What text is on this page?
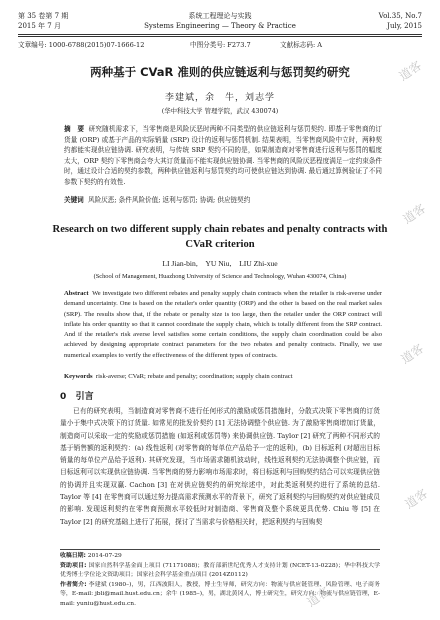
第 35 卷第 7 期	系统工程理论与实践	Vol.35, No.7
2015 年 7 月	Systems Engineering — Theory & Practice	July, 2015
文章编号: 1000-6788(2015)07-1666-12	中图分类号: F273.7	文献标志码: A
两种基于 CVaR 准则的供应链返利与惩罚契约研究
李建斌，余　牛，刘志学
(华中科技大学 管理学院，武汉 430074)
摘　要 研究随机需求下，当零售商是风险厌恶时两种不同类型的供应链返利与惩罚契约. 即基于零售商的订货量 (ORP) 或基于产品的实际销量 (SRP) 设计的返利与惩罚机制. 结果表明，当零售商风险中立时，两种契约都能实现供应链协调. 研究表明，与传统 SRP 契约不同的是，如果制造商对零售商进行返利与惩罚的幅度太大，ORP 契约下零售商会夸大其订货量而不能实现供应链协调. 当零售商的风险厌恶程度满足一定约束条件时，通过设计合适的契约参数，两种供应链返利与惩罚契约均可使供应链达到协调. 最后通过算例验证了不同参数下契约的有效性.
关键词 风险厌恶; 条件风险价值; 返利与惩罚; 协调; 供应链契约
Research on two different supply chain rebates and penalty contracts with CVaR criterion
LI Jian-bin,　YU Niu,　LIU Zhi-xue
(School of Management, Huazhong University of Science and Technology, Wuhan 430074, China)
Abstract We investigate two different rebates and penalty supply chain contracts when the retailer is risk-averse under demand uncertainty. One is based on the retailer's order quantity (ORP) and the other is based on the real market sales (SRP). The results show that, if the rebate or penalty size is too large, then the retailer under the ORP contract will inflate his order quantity so that it cannot coordinate the supply chain, which is totally different from the SRP contract. And if the retailer's risk averse level satisfies some certain conditions, the supply chain coordination could be also achieved by designing appropriate contract parameters for the two rebates and penalty contracts. Finally, we use numerical examples to verify the effectiveness of the different types of contracts.
Keywords risk-averse; CVaR; rebate and penalty; coordination; supply chain contract
0 引言
已有的研究表明，当制造商对零售商不进行任何形式的激励或惩罚措施时，分散式决策下零售商的订货量小于集中式决策下的订货量. 如常见的批发价契约 [1] 无法协调整个供应链. 为了激励零售商增加订货量，制造商可以采取一定的奖励或惩罚措施 (如返利或惩罚等) 来协调供应链. Taylor [2] 研究了两种不同形式的基于销售额的返利契约：(a) 线性返利 (对零售商的每单位产品给予一定的返利)，(b) 目标返利 (对超出目标销量的每单位产品给予返利). 其研究发现，当市场需求随机波动时，线性返利契约无法协调整个供应链，而目标返利可以实现供应链协调. 当零售商的努力影响市场需求时，将目标返利与回购契约结合可以实现供应链的协调并且实现双赢. Cachon [3] 在对供应链契约的研究综述中，对此类返利契约进行了系统的总结. Taylor 等 [4] 在零售商可以通过努力提高需求预测水平的背景下，研究了返利契约与回购契约对供应链成员的影响. 发现返利契约在零售商预测水平较低时对制造商、零售商及整个系统更具优势. Chiu 等 [5] 在 Taylor [2] 的研究基础上进行了拓展，探讨了当需求与价格相关时，把返利契约与回购契
收稿日期: 2014-07-29
资助项目: 国家自然科学基金面上项目 (71171088)；教育部新世纪优秀人才支持计划 (NCET-13-0228)；华中科技大学优秀博士学位论文资助项目；国家社会科学基金重点项目 (2014Z0112)
作者简介: 李建斌 (1980–)，男，江西波阳人，教授，博士生导师，研究方向：物流与供应链管理、风险管理、电子商务等，E-mail: jbli@mail.hust.edu.cn；余牛 (1985–)，男，湖北黄冈人，博士研究生，研究方向：物流与供应链管理，E-mail: yuniu@hust.edu.cn.
道客
道客
道客
道客
道客
